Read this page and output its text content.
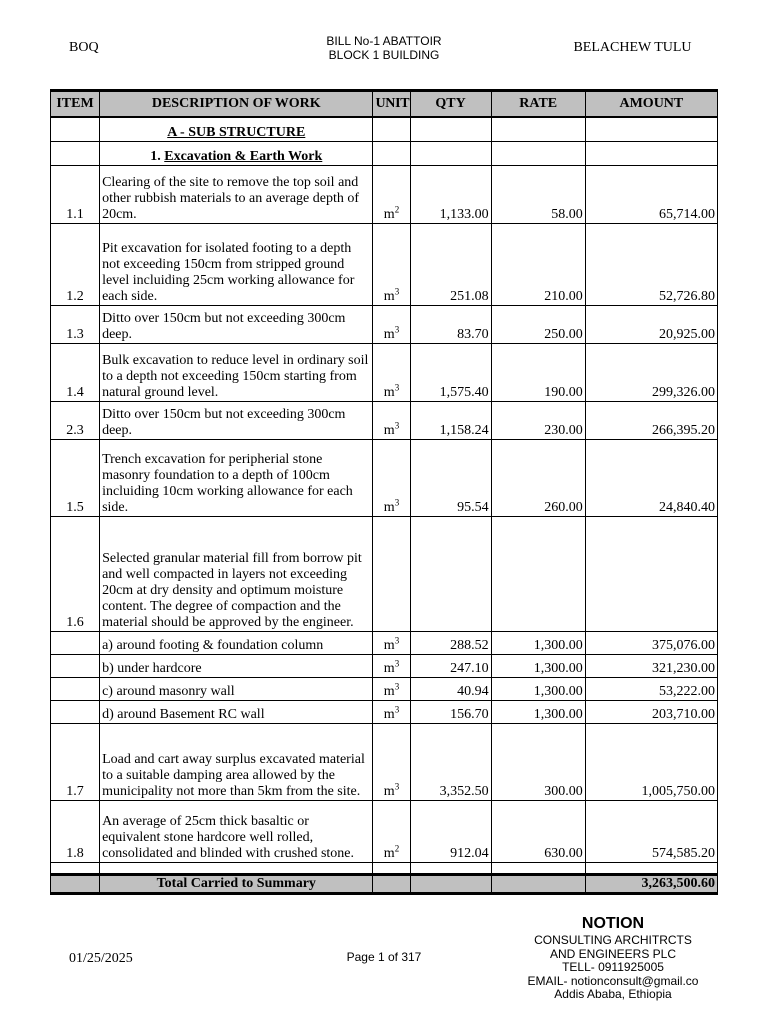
BOQ	BILL No-1 ABATTOIR
BLOCK 1 BUILDING	BELACHEW TULU
ITEM	DESCRIPTION OF WORK	UNIT	QTY	RATE	AMOUNT
	A - SUB STRUCTURE				
	1. Excavation & Earth Work				
1.1	Clearing of the site to remove the top soil and other rubbish materials to an average depth of 20cm.	$m^2$	1,133.00	58.00	65,714.00
1.2	Pit excavation for isolated footing to a depth not exceeding 150cm from stripped ground level incluiding 25cm working allowance for each side.	$m^3$	251.08	210.00	52,726.80
1.3	Ditto over 150cm but not exceeding 300cm deep.	$m^3$	83.70	250.00	20,925.00
1.4	Bulk excavation to reduce level in ordinary soil to a depth not exceeding 150cm starting from natural ground level.	$m^3$	1,575.40	190.00	299,326.00
2.3	Ditto over 150cm but not exceeding 300cm deep.	$m^3$	1,158.24	230.00	266,395.20
1.5	Trench excavation for peripherial stone masonry foundation to a depth of 100cm incluiding 10cm working allowance for each side.	$m^3$	95.54	260.00	24,840.40
1.6	Selected granular material fill from borrow pit and well compacted in layers not exceeding 20cm at dry density and optimum moisture content. The degree of compaction and the material should be approved by the engineer.				
	a) around footing & foundation column	$m^3$	288.52	1,300.00	375,076.00
	b) under hardcore	$m^3$	247.10	1,300.00	321,230.00
	c) around masonry wall	$m^3$	40.94	1,300.00	53,222.00
	d) around Basement RC wall	$m^3$	156.70	1,300.00	203,710.00
1.7	Load and cart away surplus excavated material to a suitable damping area allowed by the municipality not more than 5km from the site.	$m^3$	3,352.50	300.00	1,005,750.00
1.8	An average of 25cm thick basaltic or equivalent stone hardcore well rolled, consolidated and blinded with crushed stone.	$m^2$	912.04	630.00	574,585.20

	Total Carried to Summary				3,263,500.60
01/25/2025	Page 1 of 317
NOTION
CONSULTING ARCHITRCTS
AND ENGINEERS PLC
TELL- 0911925005
EMAIL- notionconsult@gmail.co
Addis Ababa, Ethiopia
